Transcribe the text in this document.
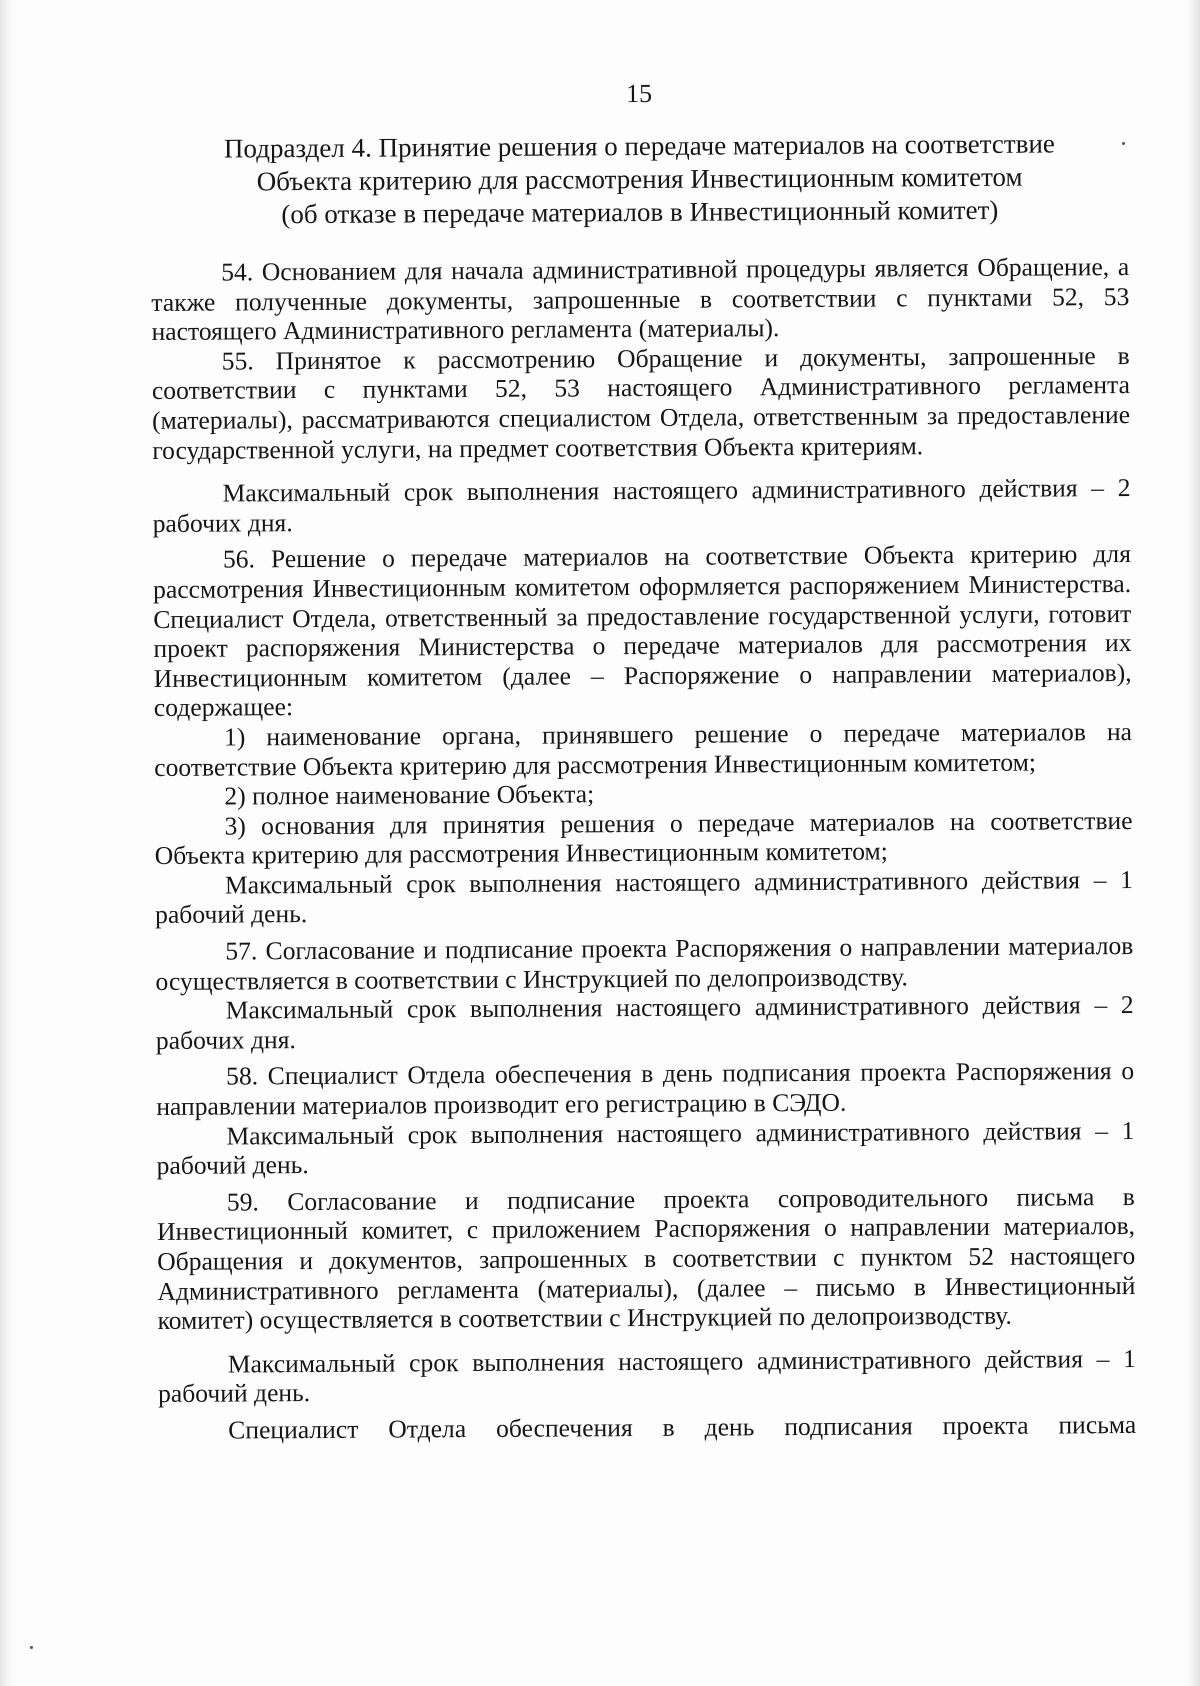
15
Подраздел 4. Принятие решения о передаче материалов на соответствие
Объекта критерию для рассмотрения Инвестиционным комитетом
(об отказе в передаче материалов в Инвестиционный комитет)

54. Основанием для начала административной процедуры является Обращение, а также полученные документы, запрошенные в соответствии с пунктами 52, 53 настоящего Административного регламента (материалы).

55. Принятое к рассмотрению Обращение и документы, запрошенные в соответствии с пунктами 52, 53 настоящего Административного регламента (материалы), рассматриваются специалистом Отдела, ответственным за предоставление государственной услуги, на предмет соответствия Объекта критериям.

Максимальный срок выполнения настоящего административного действия – 2 рабочих дня.

56. Решение о передаче материалов на соответствие Объекта критерию для рассмотрения Инвестиционным комитетом оформляется распоряжением Министерства. Специалист Отдела, ответственный за предоставление государственной услуги, готовит проект распоряжения Министерства о передаче материалов для рассмотрения их Инвестиционным комитетом (далее – Распоряжение о направлении материалов), содержащее:

1) наименование органа, принявшего решение о передаче материалов на соответствие Объекта критерию для рассмотрения Инвестиционным комитетом;

2) полное наименование Объекта;

3) основания для принятия решения о передаче материалов на соответствие Объекта критерию для рассмотрения Инвестиционным комитетом;

Максимальный срок выполнения настоящего административного действия – 1 рабочий день.

57. Согласование и подписание проекта Распоряжения о направлении материалов осуществляется в соответствии с Инструкцией по делопроизводству.

Максимальный срок выполнения настоящего административного действия – 2 рабочих дня.

58. Специалист Отдела обеспечения в день подписания проекта Распоряжения о направлении материалов производит его регистрацию в СЭДО.

Максимальный срок выполнения настоящего административного действия – 1 рабочий день.

59. Согласование и подписание проекта сопроводительного письма в Инвестиционный комитет, с приложением Распоряжения о направлении материалов, Обращения и документов, запрошенных в соответствии с пунктом 52 настоящего Административного регламента (материалы), (далее – письмо в Инвестиционный комитет) осуществляется в соответствии с Инструкцией по делопроизводству.

Максимальный срок выполнения настоящего административного действия – 1 рабочий день.

Специалист Отдела обеспечения в день подписания проекта письма
